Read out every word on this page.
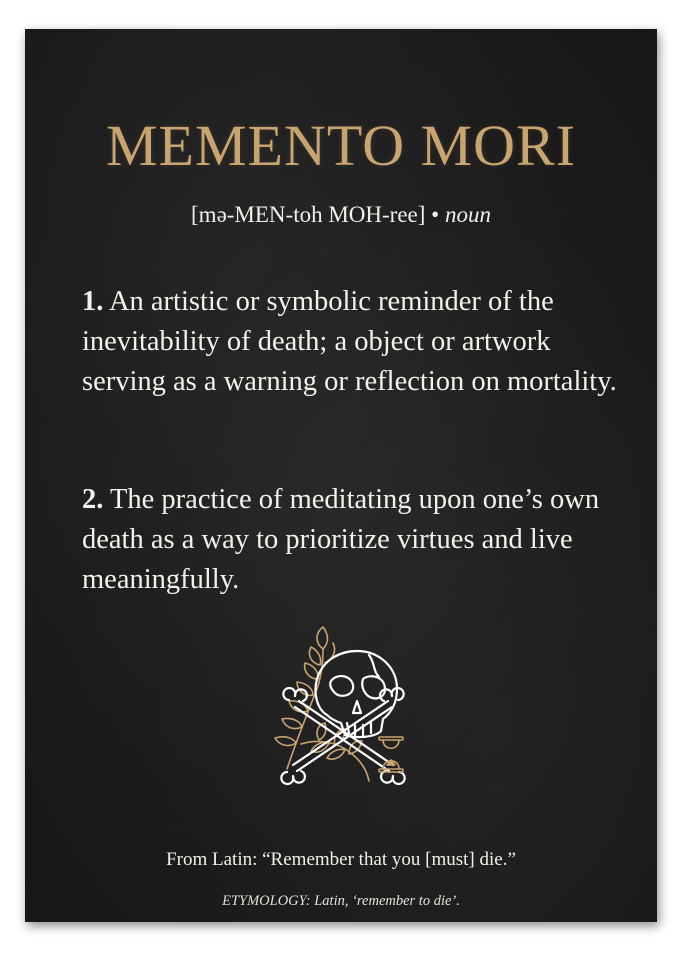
MEMENTO MORI
[mə-MEN-toh MOH-ree] • noun

1. An artistic or symbolic reminder of the inevitability of death; a object or artwork serving as a warning or reflection on mortality.

2. The practice of meditating upon one’s own death as a way to prioritize virtues and live meaningfully.

From Latin: “Remember that you [must] die.”
ETYMOLOGY: Latin, ‘remember to die’.
